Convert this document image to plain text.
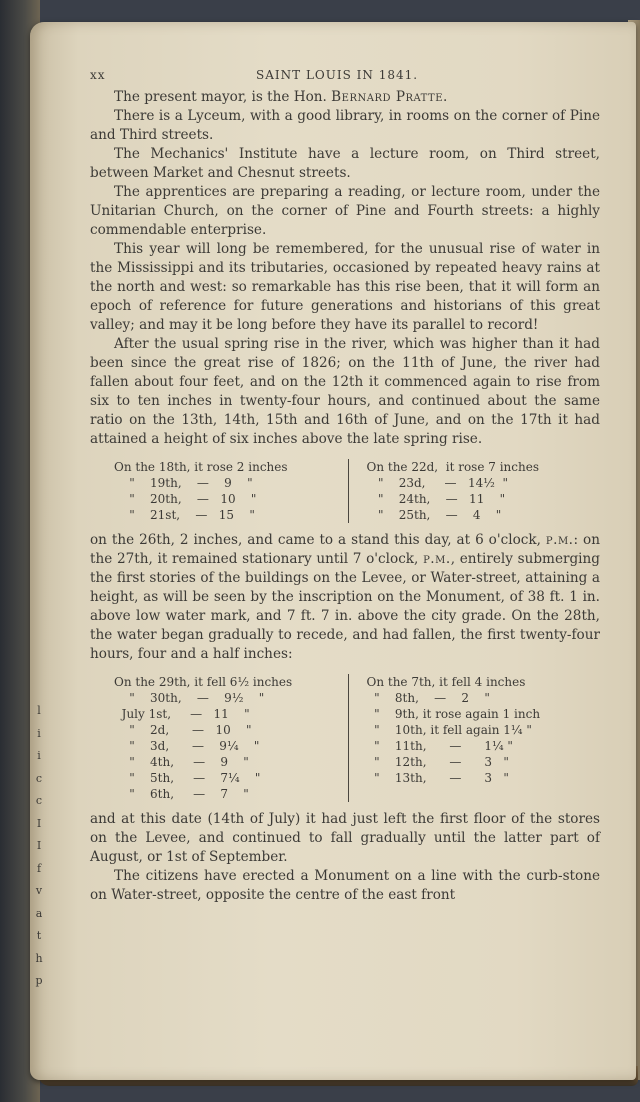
l
i
i
c
c
I
I
f
v
a
t
h
p
xx	SAINT LOUIS IN 1841.

The present mayor, is the Hon. Bernard Pratte.

There is a Lyceum, with a good library, in rooms on the corner of Pine and Third streets.

The Mechanics' Institute have a lecture room, on Third street, between Market and Chesnut streets.

The apprentices are preparing a reading, or lecture room, under the Unitarian Church, on the corner of Pine and Fourth streets: a highly commendable enterprise.

This year will long be remembered, for the unusual rise of water in the Mississippi and its tributaries, occasioned by repeated heavy rains at the north and west: so remarkable has this rise been, that it will form an epoch of reference for future generations and historians of this great valley; and may it be long before they have its parallel to record!

After the usual spring rise in the river, which was higher than it had been since the great rise of 1826; on the 11th of June, the river had fallen about four feet, and on the 12th it commenced again to rise from six to ten inches in twenty-four hours, and continued about the same ratio on the 13th, 14th, 15th and 16th of June, and on the 17th it had attained a height of six inches above the late spring rise.

On the 18th, it rose 2 inches
"    19th,    —    9    "
"    20th,    —   10    "
"    21st,    —   15    "
On the 22d,  it rose 7 inches
"    23d,     —   14½  "
"    24th,    —   11    "
"    25th,    —    4    "

on the 26th, 2 inches, and came to a stand this day, at 6 o'clock, p.m.: on the 27th, it remained stationary until 7 o'clock, p.m., entirely submerging the first stories of the buildings on the Levee, or Water-street, attaining a height, as will be seen by the inscription on the Monument, of 38 ft. 1 in. above low water mark, and 7 ft. 7 in. above the city grade. On the 28th, the water began gradually to recede, and had fallen, the first twenty-four hours, four and a half inches:

On the 29th, it fell 6½ inches
"    30th,    —    9½    "
July 1st,     —   11    "
"    2d,      —   10    "
"    3d,      —    9¼    "
"    4th,     —    9    "
"    5th,     —    7¼    "
"    6th,     —    7    "
On the 7th, it fell 4 inches
"    8th,    —    2    "
"    9th, it rose again 1 inch
"    10th, it fell again 1¼ "
"    11th,      —      1¼ "
"    12th,      —      3   "
"    13th,      —      3   "

and at this date (14th of July) it had just left the first floor of the stores on the Levee, and continued to fall gradually until the latter part of August, or 1st of September.

The citizens have erected a Monument on a line with the curb-stone on Water-street, opposite the centre of the east front
